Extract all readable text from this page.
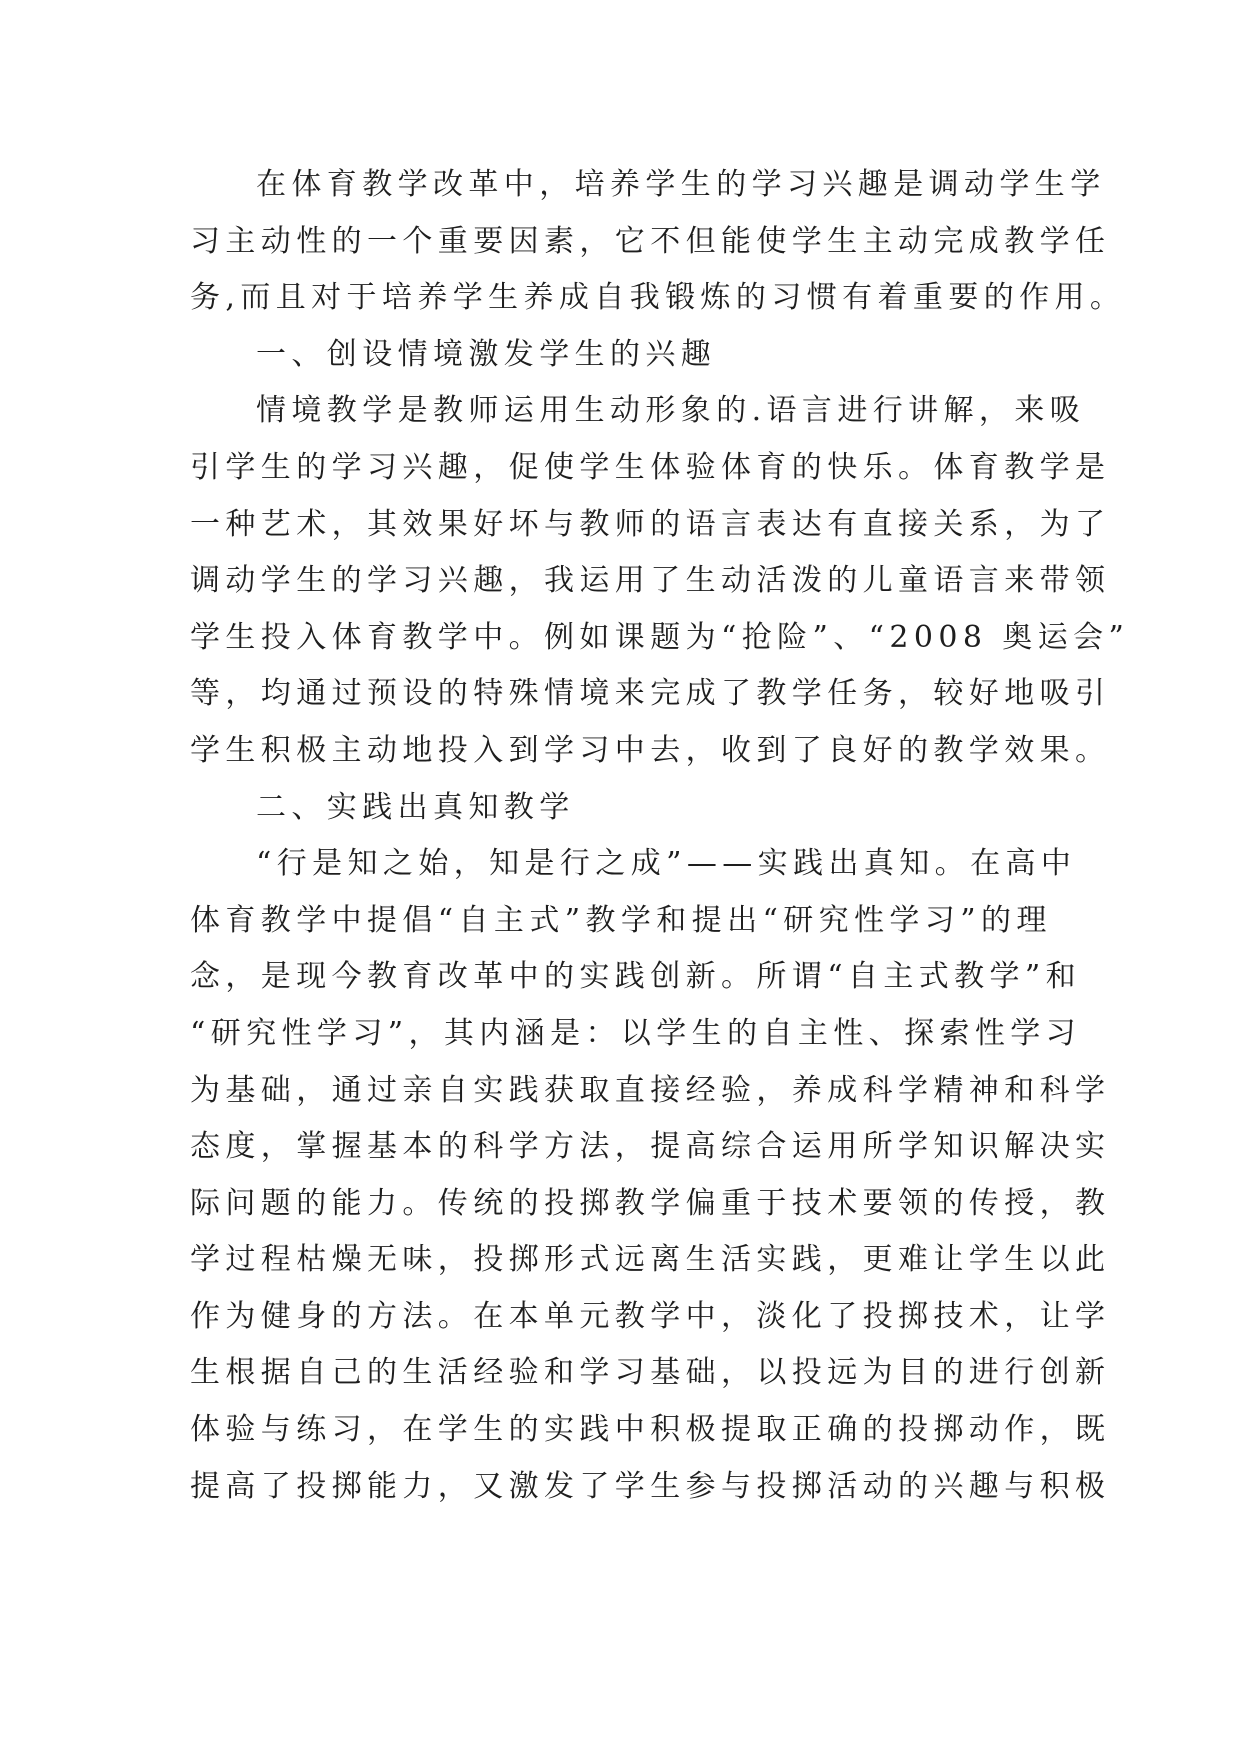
在体育教学改革中，培养学生的学习兴趣是调动学生学
习主动性的一个重要因素，它不但能使学生主动完成教学任
务,而且对于培养学生养成自我锻炼的习惯有着重要的作用。
一、创设情境激发学生的兴趣
情境教学是教师运用生动形象的.语言进行讲解，来吸
引学生的学习兴趣，促使学生体验体育的快乐。体育教学是
一种艺术，其效果好坏与教师的语言表达有直接关系，为了
调动学生的学习兴趣，我运用了生动活泼的儿童语言来带领
学生投入体育教学中。例如课题为“抢险”、“2008 奥运会”
等，均通过预设的特殊情境来完成了教学任务，较好地吸引
学生积极主动地投入到学习中去，收到了良好的教学效果。
二、实践出真知教学
“行是知之始，知是行之成”——实践出真知。在高中
体育教学中提倡“自主式”教学和提出“研究性学习”的理
念，是现今教育改革中的实践创新。所谓“自主式教学”和
“研究性学习”，其内涵是：以学生的自主性、探索性学习
为基础，通过亲自实践获取直接经验，养成科学精神和科学
态度，掌握基本的科学方法，提高综合运用所学知识解决实
际问题的能力。传统的投掷教学偏重于技术要领的传授，教
学过程枯燥无味，投掷形式远离生活实践，更难让学生以此
作为健身的方法。在本单元教学中，淡化了投掷技术，让学
生根据自己的生活经验和学习基础，以投远为目的进行创新
体验与练习，在学生的实践中积极提取正确的投掷动作，既
提高了投掷能力，又激发了学生参与投掷活动的兴趣与积极
